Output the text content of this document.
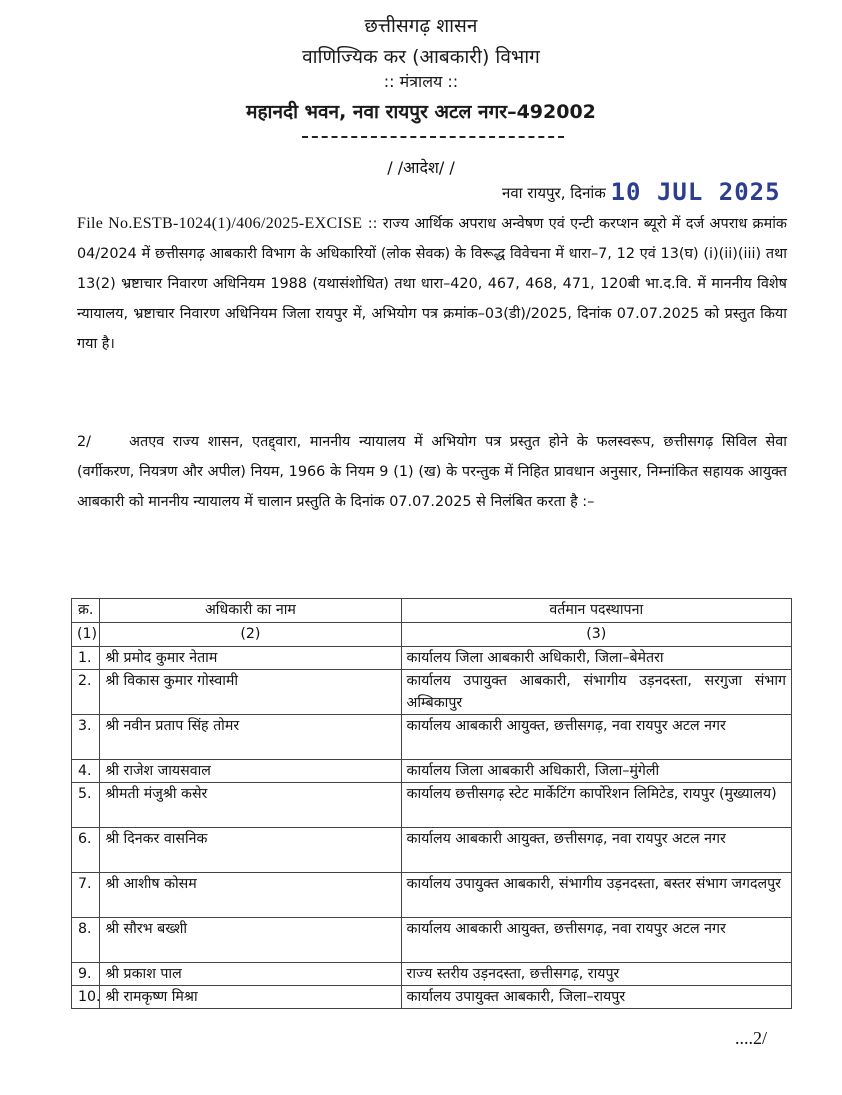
छत्तीसगढ़ शासन
वाणिज्यिक कर (आबकारी) विभाग
:: मंत्रालय ::
महानदी भवन, नवा रायपुर अटल नगर–492002
/ /आदेश/ /
नवा रायपुर, दिनांक 10 JUL 2025
File No.ESTB-1024(1)/406/2025-EXCISE :: राज्य आर्थिक अपराध अन्वेषण एवं एन्टी करप्शन ब्यूरो में दर्ज अपराध क्रमांक 04/2024 में छत्तीसगढ़ आबकारी विभाग के अधिकारियों (लोक सेवक) के विरूद्ध विवेचना में धारा–7, 12 एवं 13(घ) (i)(ii)(iii) तथा 13(2) भ्रष्टाचार निवारण अधिनियम 1988 (यथासंशोधित) तथा धारा–420, 467, 468, 471, 120बी भा.द.वि. में माननीय विशेष न्यायालय, भ्रष्टाचार निवारण अधिनियम जिला रायपुर में, अभियोग पत्र क्रमांक–03(डी)/2025, दिनांक 07.07.2025 को प्रस्तुत किया गया है।
2/	अतएव राज्य शासन, एतद्द्वारा, माननीय न्यायालय में अभियोग पत्र प्रस्तुत होने के फलस्वरूप, छत्तीसगढ़ सिविल सेवा (वर्गीकरण, नियत्रण और अपील) नियम, 1966 के नियम 9 (1) (ख) के परन्तुक में निहित प्रावधान अनुसार, निम्नांकित सहायक आयुक्त आबकारी को माननीय न्यायालय में चालान प्रस्तुति के दिनांक 07.07.2025 से निलंबित करता है :–
क्र.	अधिकारी का नाम	वर्तमान पदस्थापना
(1)	(2)	(3)
1.	श्री प्रमोद कुमार नेताम	कार्यालय जिला आबकारी अधिकारी, जिला–बेमेतरा
2.	श्री विकास कुमार गोस्वामी	कार्यालय उपायुक्त आबकारी, संभागीय उड़नदस्ता, सरगुजा संभाग अम्बिकापुर
3.	श्री नवीन प्रताप सिंह तोमर	कार्यालय आबकारी आयुक्त, छत्तीसगढ़, नवा रायपुर अटल नगर
4.	श्री राजेश जायसवाल	कार्यालय जिला आबकारी अधिकारी, जिला–मुंगेली
5.	श्रीमती मंजुश्री कसेर	कार्यालय छत्तीसगढ़ स्टेट मार्केटिंग कार्पोरेशन लिमिटेड, रायपुर (मुख्यालय)
6.	श्री दिनकर वासनिक	कार्यालय आबकारी आयुक्त, छत्तीसगढ़, नवा रायपुर अटल नगर
7.	श्री आशीष कोसम	कार्यालय उपायुक्त आबकारी, संभागीय उड़नदस्ता, बस्तर संभाग जगदलपुर
8.	श्री सौरभ बख्शी	कार्यालय आबकारी आयुक्त, छत्तीसगढ़, नवा रायपुर अटल नगर
9.	श्री प्रकाश पाल	राज्य स्तरीय उड़नदस्ता, छत्तीसगढ़, रायपुर
10.	श्री रामकृष्ण मिश्रा	कार्यालय उपायुक्त आबकारी, जिला–रायपुर
....2/
